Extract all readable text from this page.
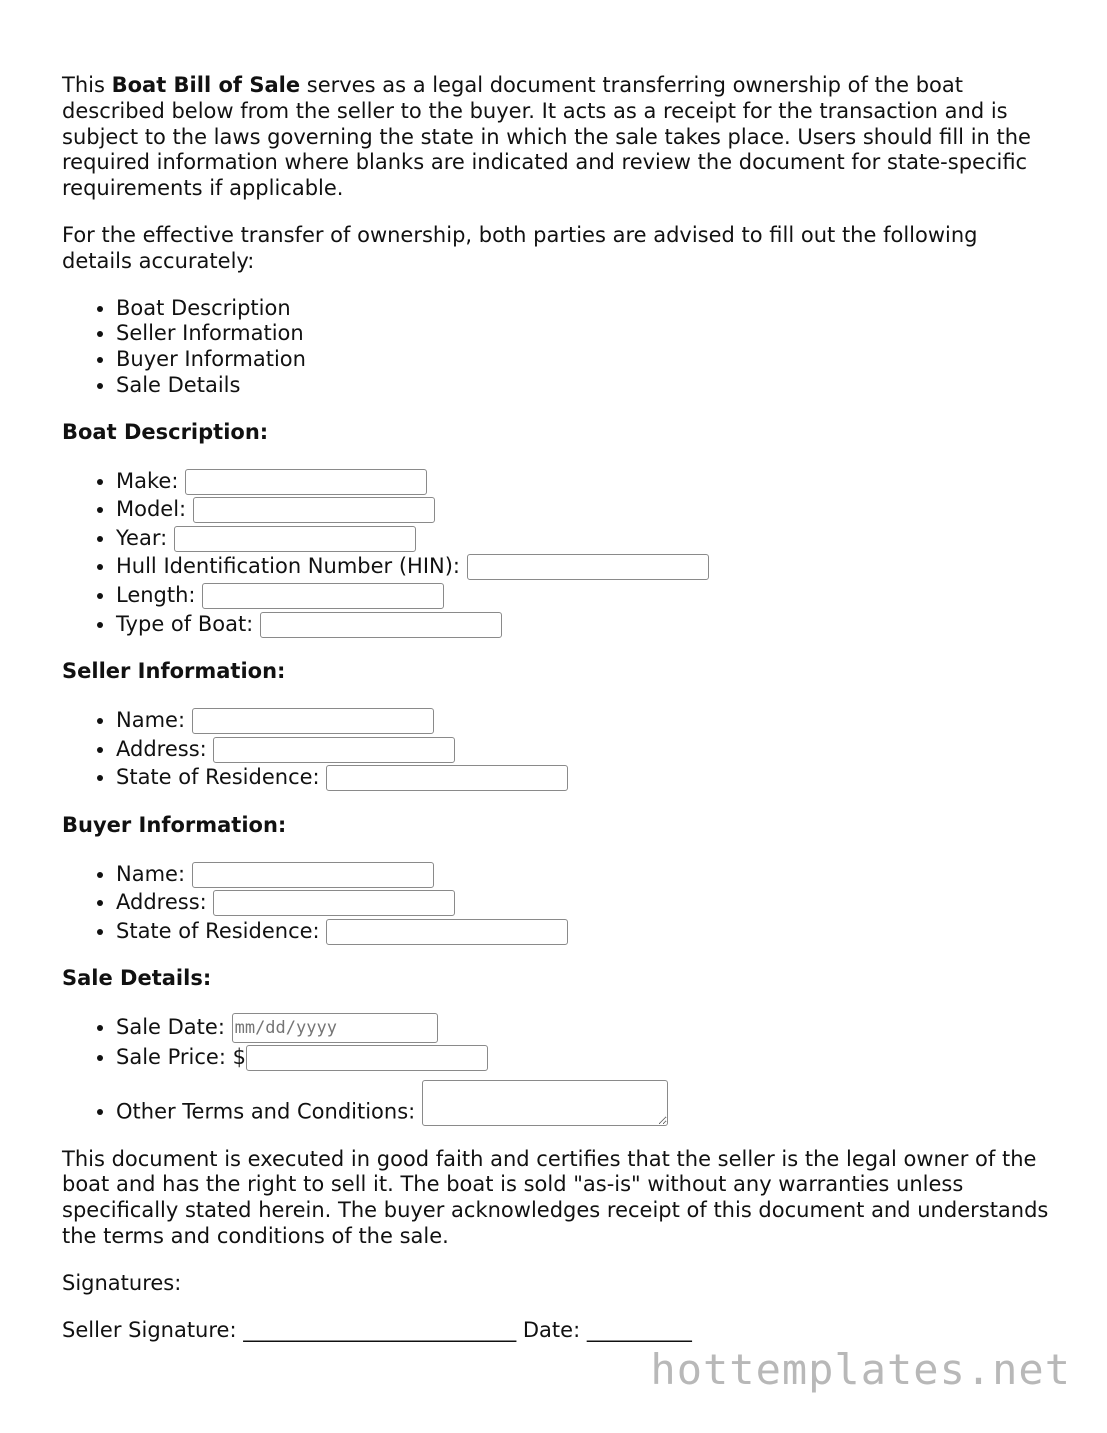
This Boat Bill of Sale serves as a legal document transferring ownership of the boat described below from the seller to the buyer. It acts as a receipt for the transaction and is subject to the laws governing the state in which the sale takes place. Users should fill in the required information where blanks are indicated and review the document for state-specific requirements if applicable.

For the effective transfer of ownership, both parties are advised to fill out the following details accurately:

• Boat Description
• Seller Information
• Buyer Information
• Sale Details
Boat Description:
• Make:
• Model:
• Year:
• Hull Identification Number (HIN):
• Length:
• Type of Boat:
Seller Information:
• Name:
• Address:
• State of Residence:
Buyer Information:
• Name:
• Address:
• State of Residence:
Sale Details:
• Sale Date: mm/dd/yyyy
• Sale Price: $
• Other Terms and Conditions:

This document is executed in good faith and certifies that the seller is the legal owner of the boat and has the right to sell it. The boat is sold "as-is" without any warranties unless specifically stated herein. The buyer acknowledges receipt of this document and understands the terms and conditions of the sale.

Signatures:

Seller Signature: __________________________ Date: __________

hottemplates.net
